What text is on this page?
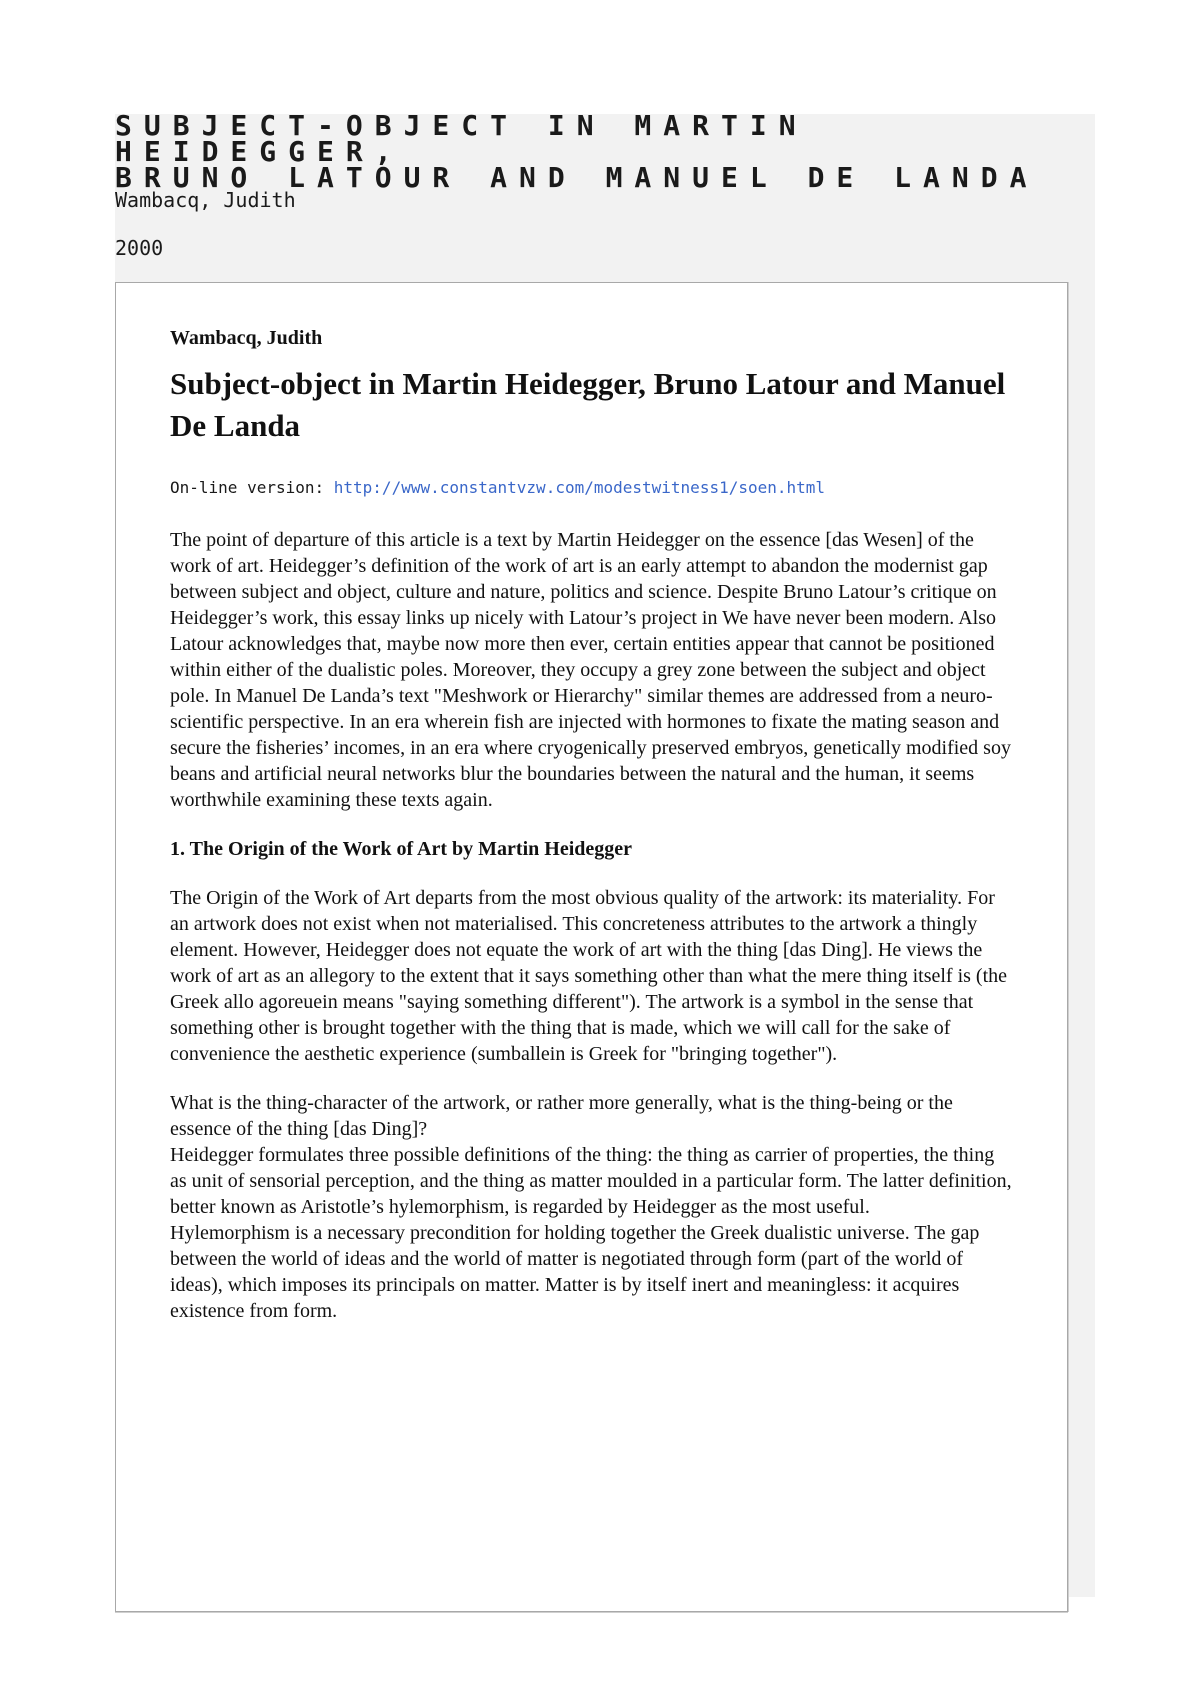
SUBJECT-OBJECT IN MARTIN HEIDEGGER,
BRUNO LATOUR AND MANUEL DE LANDA
Wambacq, Judith
2000

Wambacq, Judith

Subject-object in Martin Heidegger, Bruno Latour and Manuel De Landa

On-line version: http://www.constantvzw.com/modestwitness1/soen.html

The point of departure of this article is a text by Martin Heidegger on the essence [das Wesen] of the work of art. Heidegger’s definition of the work of art is an early attempt to abandon the modernist gap between subject and object, culture and nature, politics and science. Despite Bruno Latour’s critique on Heidegger’s work, this essay links up nicely with Latour’s project in We have never been modern. Also Latour acknowledges that, maybe now more then ever, certain entities appear that cannot be positioned within either of the dualistic poles. Moreover, they occupy a grey zone between the subject and object pole. In Manuel De Landa’s text "Meshwork or Hierarchy" similar themes are addressed from a neuro-scientific perspective. In an era wherein fish are injected with hormones to fixate the mating season and secure the fisheries’ incomes, in an era where cryogenically preserved embryos, genetically modified soy beans and artificial neural networks blur the boundaries between the natural and the human, it seems worthwhile examining these texts again.

1. The Origin of the Work of Art by Martin Heidegger

The Origin of the Work of Art departs from the most obvious quality of the artwork: its materiality. For an artwork does not exist when not materialised. This concreteness attributes to the artwork a thingly element. However, Heidegger does not equate the work of art with the thing [das Ding]. He views the work of art as an allegory to the extent that it says something other than what the mere thing itself is (the Greek allo agoreuein means "saying something different"). The artwork is a symbol in the sense that something other is brought together with the thing that is made, which we will call for the sake of convenience the aesthetic experience (sumballein is Greek for "bringing together").

What is the thing-character of the artwork, or rather more generally, what is the thing-being or the essence of the thing [das Ding]?
Heidegger formulates three possible definitions of the thing: the thing as carrier of properties, the thing as unit of sensorial perception, and the thing as matter moulded in a particular form. The latter definition, better known as Aristotle’s hylemorphism, is regarded by Heidegger as the most useful.
Hylemorphism is a necessary precondition for holding together the Greek dualistic universe. The gap between the world of ideas and the world of matter is negotiated through form (part of the world of ideas), which imposes its principals on matter. Matter is by itself inert and meaningless: it acquires existence from form.
